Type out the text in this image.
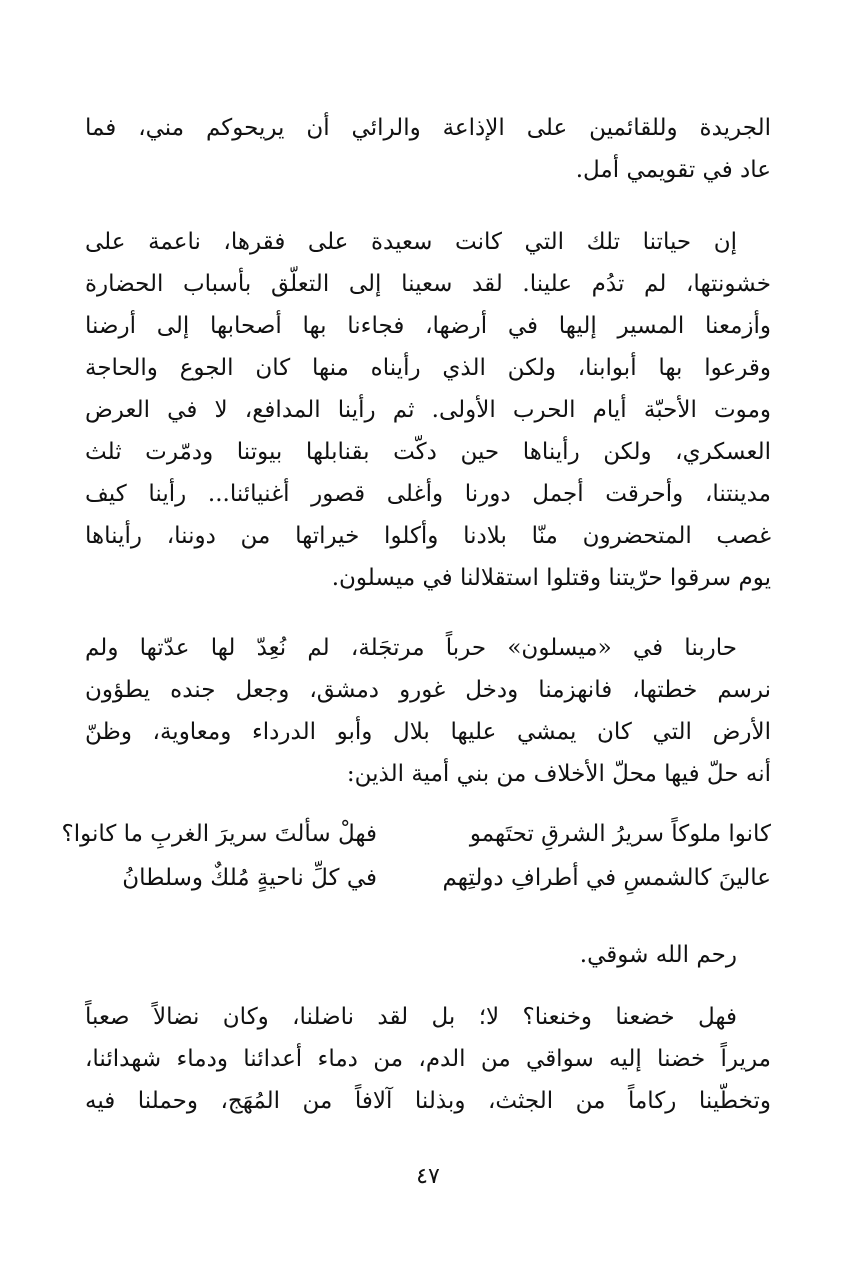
الجريدة وللقائمين على الإذاعة والرائي أن يريحوكم مني، فما
عاد في تقويمي أمل.
إن حياتنا تلك التي كانت سعيدة على فقرها، ناعمة على
خشونتها، لم تدُم علينا. لقد سعينا إلى التعلّق بأسباب الحضارة
وأزمعنا المسير إليها في أرضها، فجاءنا بها أصحابها إلى أرضنا
وقرعوا بها أبوابنا، ولكن الذي رأيناه منها كان الجوع والحاجة
وموت الأحبّة أيام الحرب الأولى. ثم رأينا المدافع، لا في العرض
العسكري، ولكن رأيناها حين دكّت بقنابلها بيوتنا ودمّرت ثلث
مدينتنا، وأحرقت أجمل دورنا وأغلى قصور أغنيائنا... رأينا كيف
غصب المتحضرون منّا بلادنا وأكلوا خيراتها من دوننا، رأيناها
يوم سرقوا حرّيتنا وقتلوا استقلالنا في ميسلون.
حاربنا في «ميسلون» حرباً مرتجَلة، لم نُعِدّ لها عدّتها ولم
نرسم خطتها، فانهزمنا ودخل غورو دمشق، وجعل جنده يطؤون
الأرض التي كان يمشي عليها بلال وأبو الدرداء ومعاوية، وظنّ
أنه حلّ فيها محلّ الأخلاف من بني أمية الذين:
كانوا ملوكاً سريرُ الشرقِ تحتَهمو
فهلْ سألتَ سريرَ الغربِ ما كانوا؟
عالينَ كالشمسِ في أطرافِ دولتِهم
في كلِّ ناحيةٍ مُلكٌ وسلطانُ
رحم الله شوقي.
فهل خضعنا وخنعنا؟ لا؛ بل لقد ناضلنا، وكان نضالاً صعباً
مريراً خضنا إليه سواقي من الدم، من دماء أعدائنا ودماء شهدائنا،
وتخطّينا ركاماً من الجثث، وبذلنا آلافاً من المُهَج، وحملنا فيه
٤٧
